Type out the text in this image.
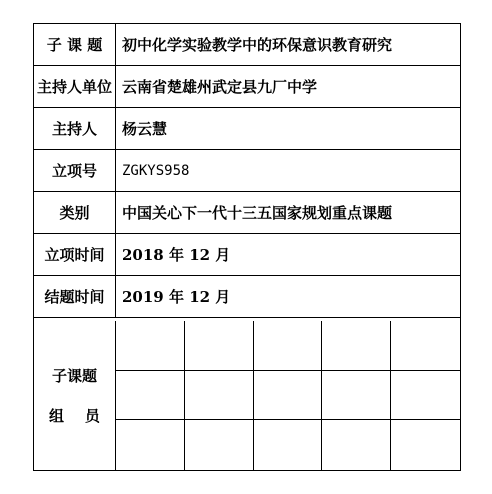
子 课 题	初中化学实验教学中的环保意识教育研究
主持人单位 云南省楚雄州武定县九厂中学
主持人	杨云慧
立项号	ZGKYS958
类别	中国关心下一代十三五国家规划重点课题
立项时间	2018 年 12 月
结题时间	2019 年 12 月
子课题
组    员
